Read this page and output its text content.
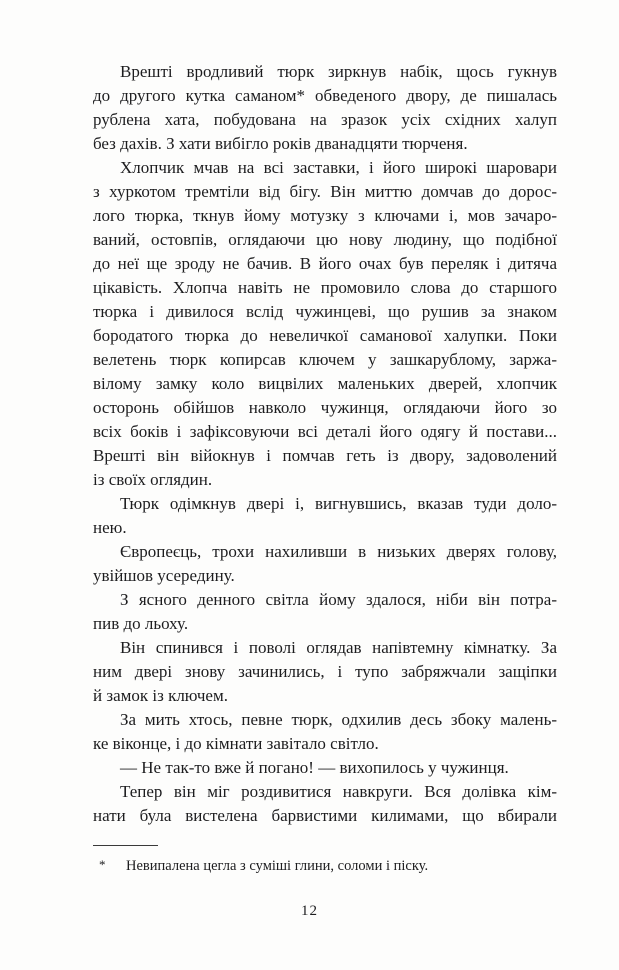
Врешті вродливий тюрк зиркнув набік, щось гукнув
до другого кутка саманом* обведеного двору, де пишалась
рублена хата, побудована на зразок усіх східних халуп
без дахів. З хати вибігло років дванадцяти тюрченя.

Хлопчик мчав на всі заставки, і його широкі шаровари
з хуркотом тремтіли від бігу. Він миттю домчав до дорос-
лого тюрка, ткнув йому мотузку з ключами і, мов зачаро-
ваний, остовпів, оглядаючи цю нову людину, що подібної
до неї ще зроду не бачив. В його очах був переляк і дитяча
цікавість. Хлопча навіть не промовило слова до старшого
тюрка і дивилося вслід чужинцеві, що рушив за знаком
бородатого тюрка до невеличкої саманової халупки. Поки
велетень тюрк копирсав ключем у зашкарублому, заржа-
вілому замку коло вицвілих маленьких дверей, хлопчик
осторонь обійшов навколо чужинця, оглядаючи його зо
всіх боків і зафіксовуючи всі деталі його одягу й постави...
Врешті він війокнув і помчав геть із двору, задоволений
із своїх оглядин.

Тюрк одімкнув двері і, вигнувшись, вказав туди доло-
нею.

Європеєць, трохи нахиливши в низьких дверях голову,
увійшов усередину.

З ясного денного світла йому здалося, ніби він потра-
пив до льоху.

Він спинився і поволі оглядав напівтемну кімнатку. За
ним двері знову зачинились, і тупо забряжчали защіпки
й замок із ключем.

За мить хтось, певне тюрк, одхилив десь збоку малень-
ке віконце, і до кімнати завітало світло.

— Не так-то вже й погано! — вихопилось у чужинця.

Тепер він міг роздивитися навкруги. Вся долівка кім-
нати була вистелена барвистими килимами, що вбирали

*	Невипалена цегла з суміші глини, соломи і піску.
12
